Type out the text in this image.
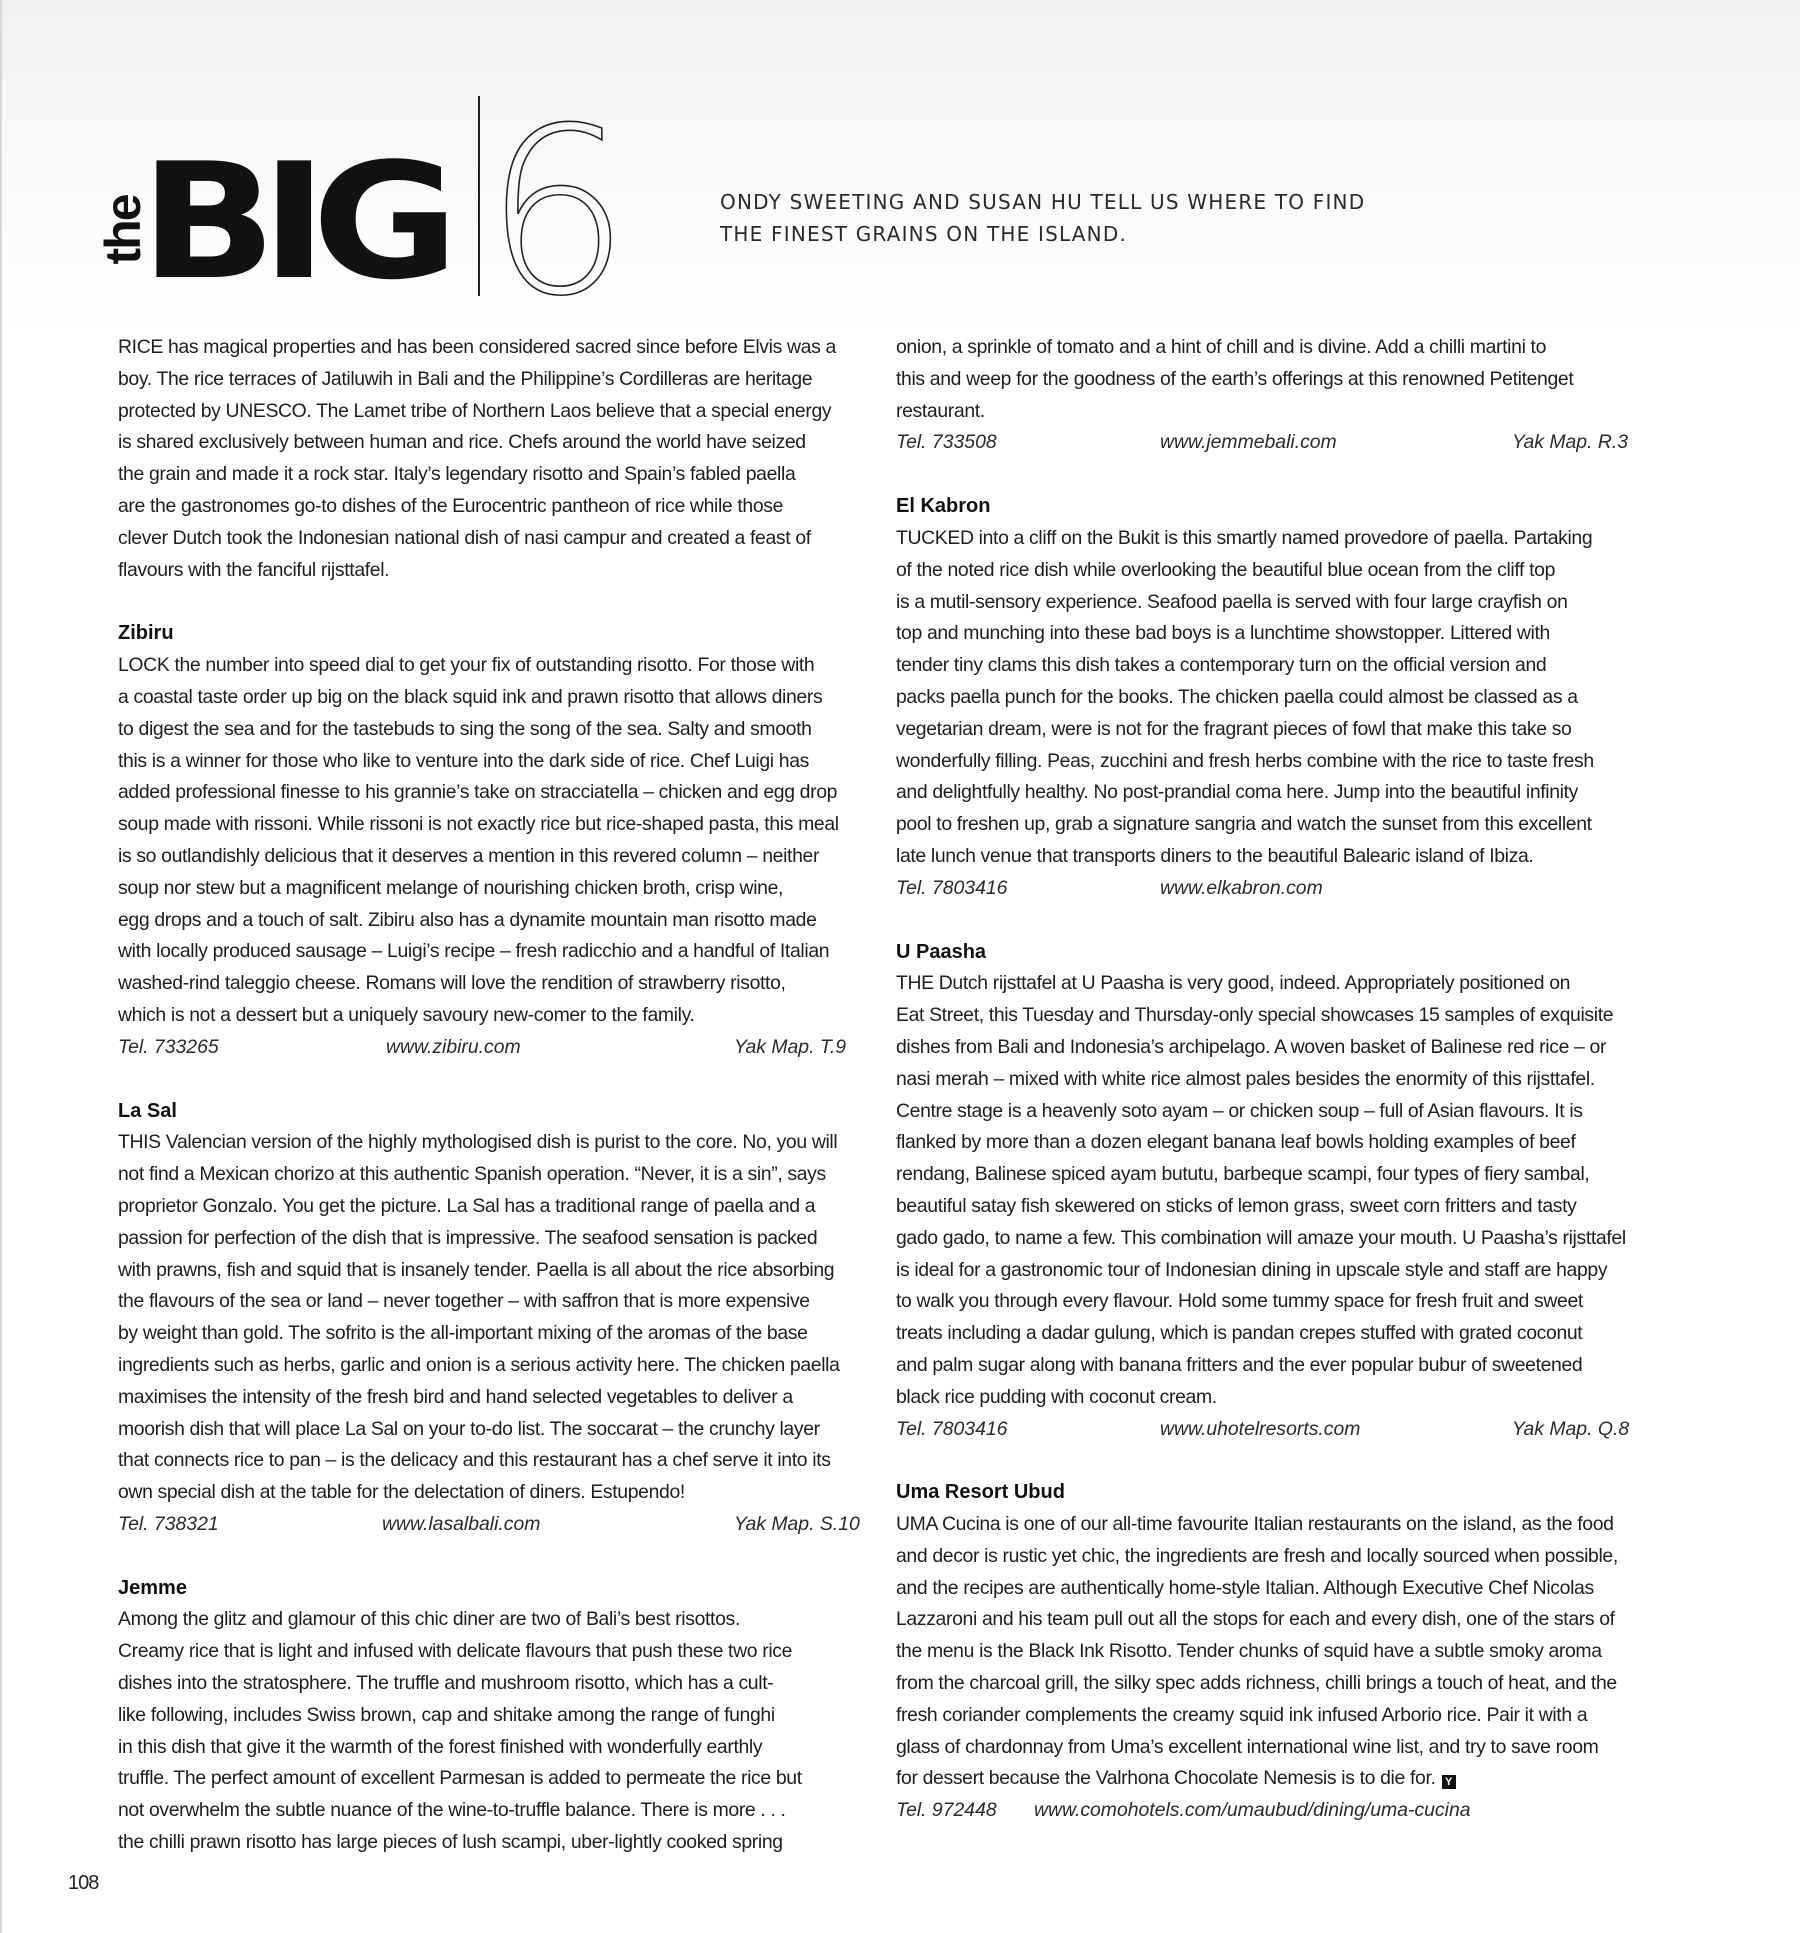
the
BIG 6	ONDY SWEETING AND SUSAN HU TELL US WHERE TO FIND
THE FINEST GRAINS ON THE ISLAND.
RICE has magical properties and has been considered sacred since before Elvis was a
boy. The rice terraces of Jatiluwih in Bali and the Philippine’s Cordilleras are heritage
protected by UNESCO. The Lamet tribe of Northern Laos believe that a special energy
is shared exclusively between human and rice. Chefs around the world have seized
the grain and made it a rock star. Italy’s legendary risotto and Spain’s fabled paella
are the gastronomes go-to dishes of the Eurocentric pantheon of rice while those
clever Dutch took the Indonesian national dish of nasi campur and created a feast of
flavours with the fanciful rijsttafel.
Zibiru
LOCK the number into speed dial to get your fix of outstanding risotto. For those with
a coastal taste order up big on the black squid ink and prawn risotto that allows diners
to digest the sea and for the tastebuds to sing the song of the sea. Salty and smooth
this is a winner for those who like to venture into the dark side of rice. Chef Luigi has
added professional finesse to his grannie’s take on stracciatella – chicken and egg drop
soup made with rissoni. While rissoni is not exactly rice but rice-shaped pasta, this meal
is so outlandishly delicious that it deserves a mention in this revered column – neither
soup nor stew but a magnificent melange of nourishing chicken broth, crisp wine,
egg drops and a touch of salt. Zibiru also has a dynamite mountain man risotto made
with locally produced sausage – Luigi’s recipe – fresh radicchio and a handful of Italian
washed-rind taleggio cheese. Romans will love the rendition of strawberry risotto,
which is not a dessert but a uniquely savoury new-comer to the family.
Tel. 733265	www.zibiru.com	Yak Map. T.9
La Sal
THIS Valencian version of the highly mythologised dish is purist to the core. No, you will
not find a Mexican chorizo at this authentic Spanish operation. “Never, it is a sin”, says
proprietor Gonzalo. You get the picture. La Sal has a traditional range of paella and a
passion for perfection of the dish that is impressive. The seafood sensation is packed
with prawns, fish and squid that is insanely tender. Paella is all about the rice absorbing
the flavours of the sea or land – never together – with saffron that is more expensive
by weight than gold. The sofrito is the all-important mixing of the aromas of the base
ingredients such as herbs, garlic and onion is a serious activity here. The chicken paella
maximises the intensity of the fresh bird and hand selected vegetables to deliver a
moorish dish that will place La Sal on your to-do list. The soccarat – the crunchy layer
that connects rice to pan – is the delicacy and this restaurant has a chef serve it into its
own special dish at the table for the delectation of diners. Estupendo!
Tel. 738321	www.lasalbali.com	Yak Map. S.10
Jemme
Among the glitz and glamour of this chic diner are two of Bali’s best risottos.
Creamy rice that is light and infused with delicate flavours that push these two rice
dishes into the stratosphere. The truffle and mushroom risotto, which has a cult-
like following, includes Swiss brown, cap and shitake among the range of funghi
in this dish that give it the warmth of the forest finished with wonderfully earthly
truffle. The perfect amount of excellent Parmesan is added to permeate the rice but
not overwhelm the subtle nuance of the wine-to-truffle balance. There is more . . .
the chilli prawn risotto has large pieces of lush scampi, uber-lightly cooked spring
onion, a sprinkle of tomato and a hint of chill and is divine. Add a chilli martini to
this and weep for the goodness of the earth’s offerings at this renowned Petitenget
restaurant.
Tel. 733508	www.jemmebali.com	Yak Map. R.3
El Kabron
TUCKED into a cliff on the Bukit is this smartly named provedore of paella. Partaking
of the noted rice dish while overlooking the beautiful blue ocean from the cliff top
is a mutil-sensory experience. Seafood paella is served with four large crayfish on
top and munching into these bad boys is a lunchtime showstopper. Littered with
tender tiny clams this dish takes a contemporary turn on the official version and
packs paella punch for the books. The chicken paella could almost be classed as a
vegetarian dream, were is not for the fragrant pieces of fowl that make this take so
wonderfully filling. Peas, zucchini and fresh herbs combine with the rice to taste fresh
and delightfully healthy. No post-prandial coma here. Jump into the beautiful infinity
pool to freshen up, grab a signature sangria and watch the sunset from this excellent
late lunch venue that transports diners to the beautiful Balearic island of Ibiza.
Tel. 7803416	www.elkabron.com
U Paasha
THE Dutch rijsttafel at U Paasha is very good, indeed. Appropriately positioned on
Eat Street, this Tuesday and Thursday-only special showcases 15 samples of exquisite
dishes from Bali and Indonesia’s archipelago. A woven basket of Balinese red rice – or
nasi merah – mixed with white rice almost pales besides the enormity of this rijsttafel.
Centre stage is a heavenly soto ayam – or chicken soup – full of Asian flavours. It is
flanked by more than a dozen elegant banana leaf bowls holding examples of beef
rendang, Balinese spiced ayam bututu, barbeque scampi, four types of fiery sambal,
beautiful satay fish skewered on sticks of lemon grass, sweet corn fritters and tasty
gado gado, to name a few. This combination will amaze your mouth. U Paasha’s rijsttafel
is ideal for a gastronomic tour of Indonesian dining in upscale style and staff are happy
to walk you through every flavour. Hold some tummy space for fresh fruit and sweet
treats including a dadar gulung, which is pandan crepes stuffed with grated coconut
and palm sugar along with banana fritters and the ever popular bubur of sweetened
black rice pudding with coconut cream.
Tel. 7803416	www.uhotelresorts.com	Yak Map. Q.8
Uma Resort Ubud
UMA Cucina is one of our all-time favourite Italian restaurants on the island, as the food
and decor is rustic yet chic, the ingredients are fresh and locally sourced when possible,
and the recipes are authentically home-style Italian. Although Executive Chef Nicolas
Lazzaroni and his team pull out all the stops for each and every dish, one of the stars of
the menu is the Black Ink Risotto. Tender chunks of squid have a subtle smoky aroma
from the charcoal grill, the silky spec adds richness, chilli brings a touch of heat, and the
fresh coriander complements the creamy squid ink infused Arborio rice. Pair it with a
glass of chardonnay from Uma’s excellent international wine list, and try to save room
for dessert because the Valrhona Chocolate Nemesis is to die for. Y
Tel. 972448 www.comohotels.com/umaubud/dining/uma-cucina
108
